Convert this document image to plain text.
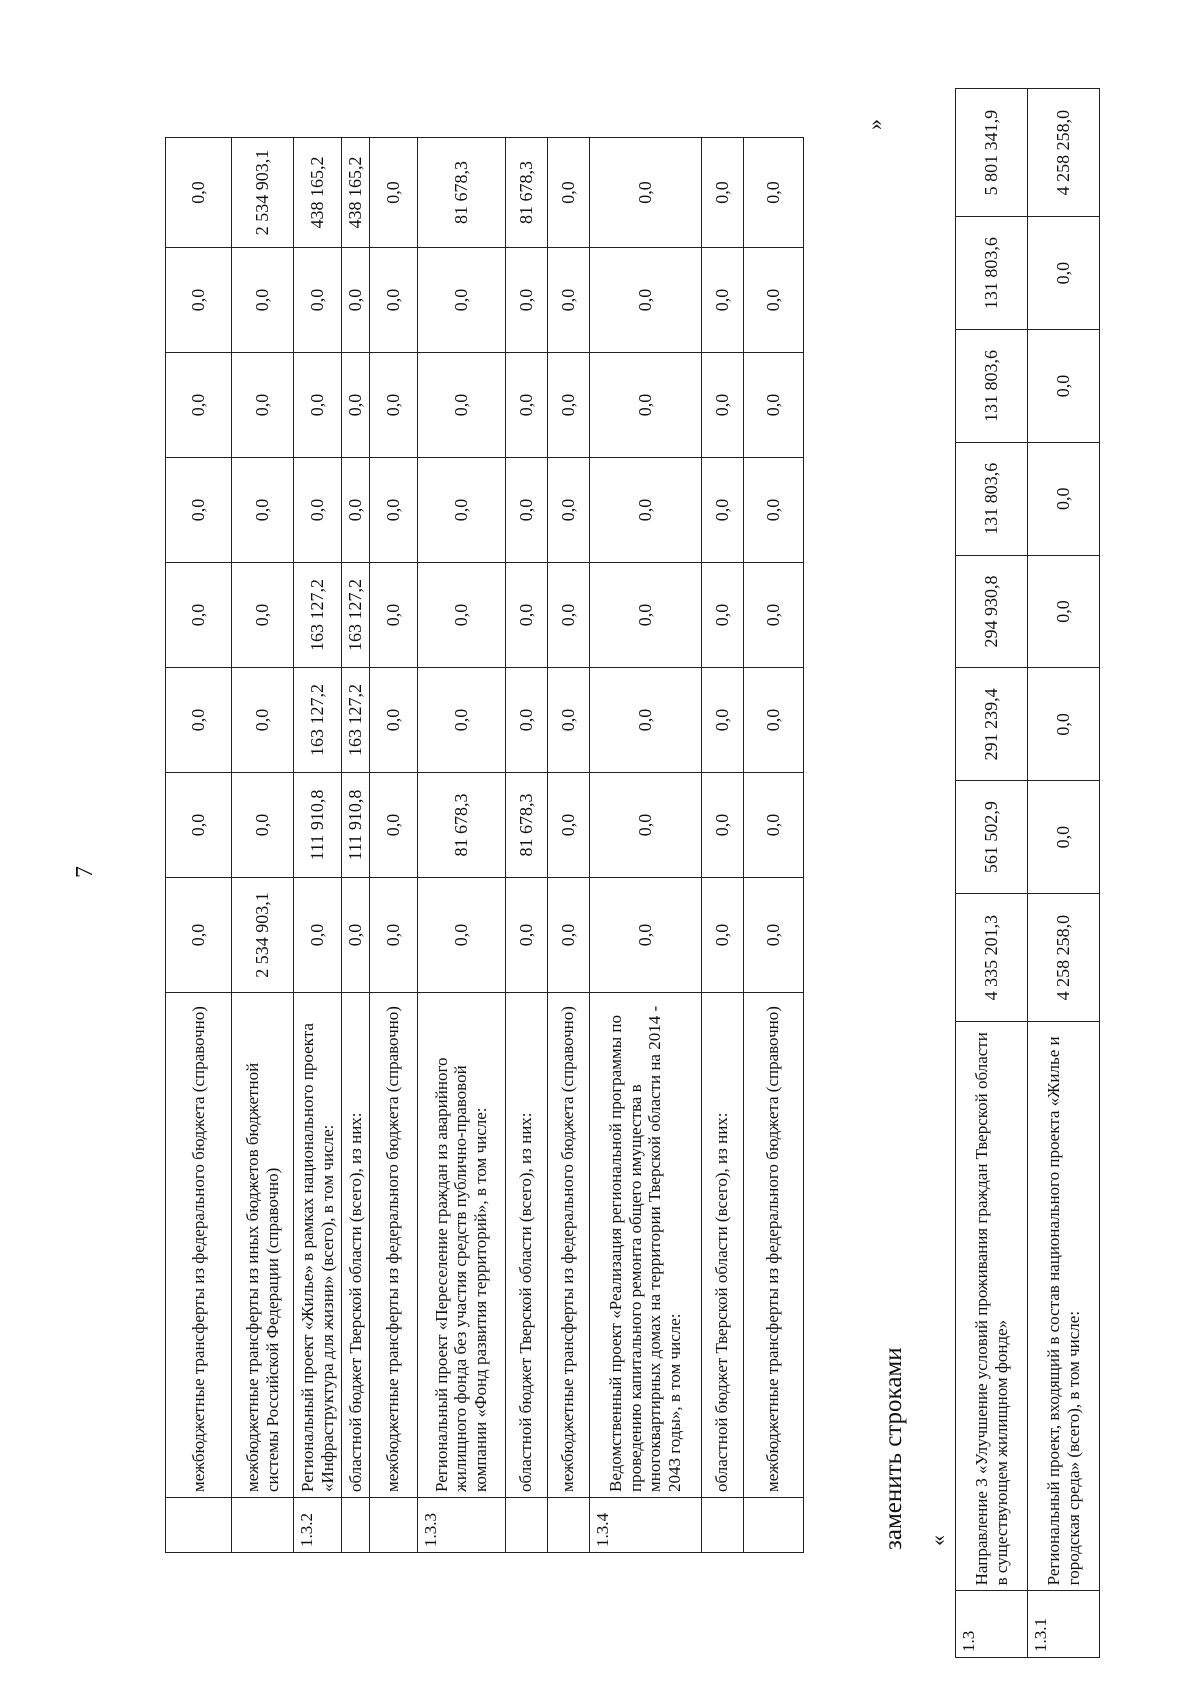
7
	межбюджетные трансферты из федерального бюджета (справочно)	0,0	0,0	0,0	0,0	0,0	0,0	0,0	0,0
	межбюджетные трансферты из иных бюджетов бюджетной системы Российской Федерации (справочно)	2 534 903,1	0,0	0,0	0,0	0,0	0,0	0,0	2 534 903,1
1.3.2	Региональный проект «Жилье» в рамках национального проекта «Инфраструктура для жизни» (всего), в том числе:	0,0	111 910,8	163 127,2	163 127,2	0,0	0,0	0,0	438 165,2
	областной бюджет Тверской области (всего), из них:	0,0	111 910,8	163 127,2	163 127,2	0,0	0,0	0,0	438 165,2
	межбюджетные трансферты из федерального бюджета (справочно)	0,0	0,0	0,0	0,0	0,0	0,0	0,0	0,0
1.3.3	Региональный проект «Переселение граждан из аварийного жилищного фонда без участия средств публично-правовой компании «Фонд развития территорий», в том числе:	0,0	81 678,3	0,0	0,0	0,0	0,0	0,0	81 678,3
	областной бюджет Тверской области (всего), из них:	0,0	81 678,3	0,0	0,0	0,0	0,0	0,0	81 678,3
	межбюджетные трансферты из федерального бюджета (справочно)	0,0	0,0	0,0	0,0	0,0	0,0	0,0	0,0
1.3.4	Ведомственный проект «Реализация региональной программы по проведению капитального ремонта общего имущества в многоквартирных домах на территории Тверской области на 2014 - 2043 годы», в том числе:	0,0	0,0	0,0	0,0	0,0	0,0	0,0	0,0
	областной бюджет Тверской области (всего), из них:	0,0	0,0	0,0	0,0	0,0	0,0	0,0	0,0
	межбюджетные трансферты из федерального бюджета (справочно)	0,0	0,0	0,0	0,0	0,0	0,0	0,0	0,0
»
заменить строками «
1.3	Направление 3 «Улучшение условий проживания граждан Тверской области в существующем жилищном фонде»	4 335 201,3	561 502,9	291 239,4	294 930,8	131 803,6	131 803,6	131 803,6	5 801 341,9
1.3.1	Региональный проект, входящий в состав национального проекта «Жилье и городская среда» (всего), в том числе:	4 258 258,0	0,0	0,0	0,0	0,0	0,0	0,0	4 258 258,0
